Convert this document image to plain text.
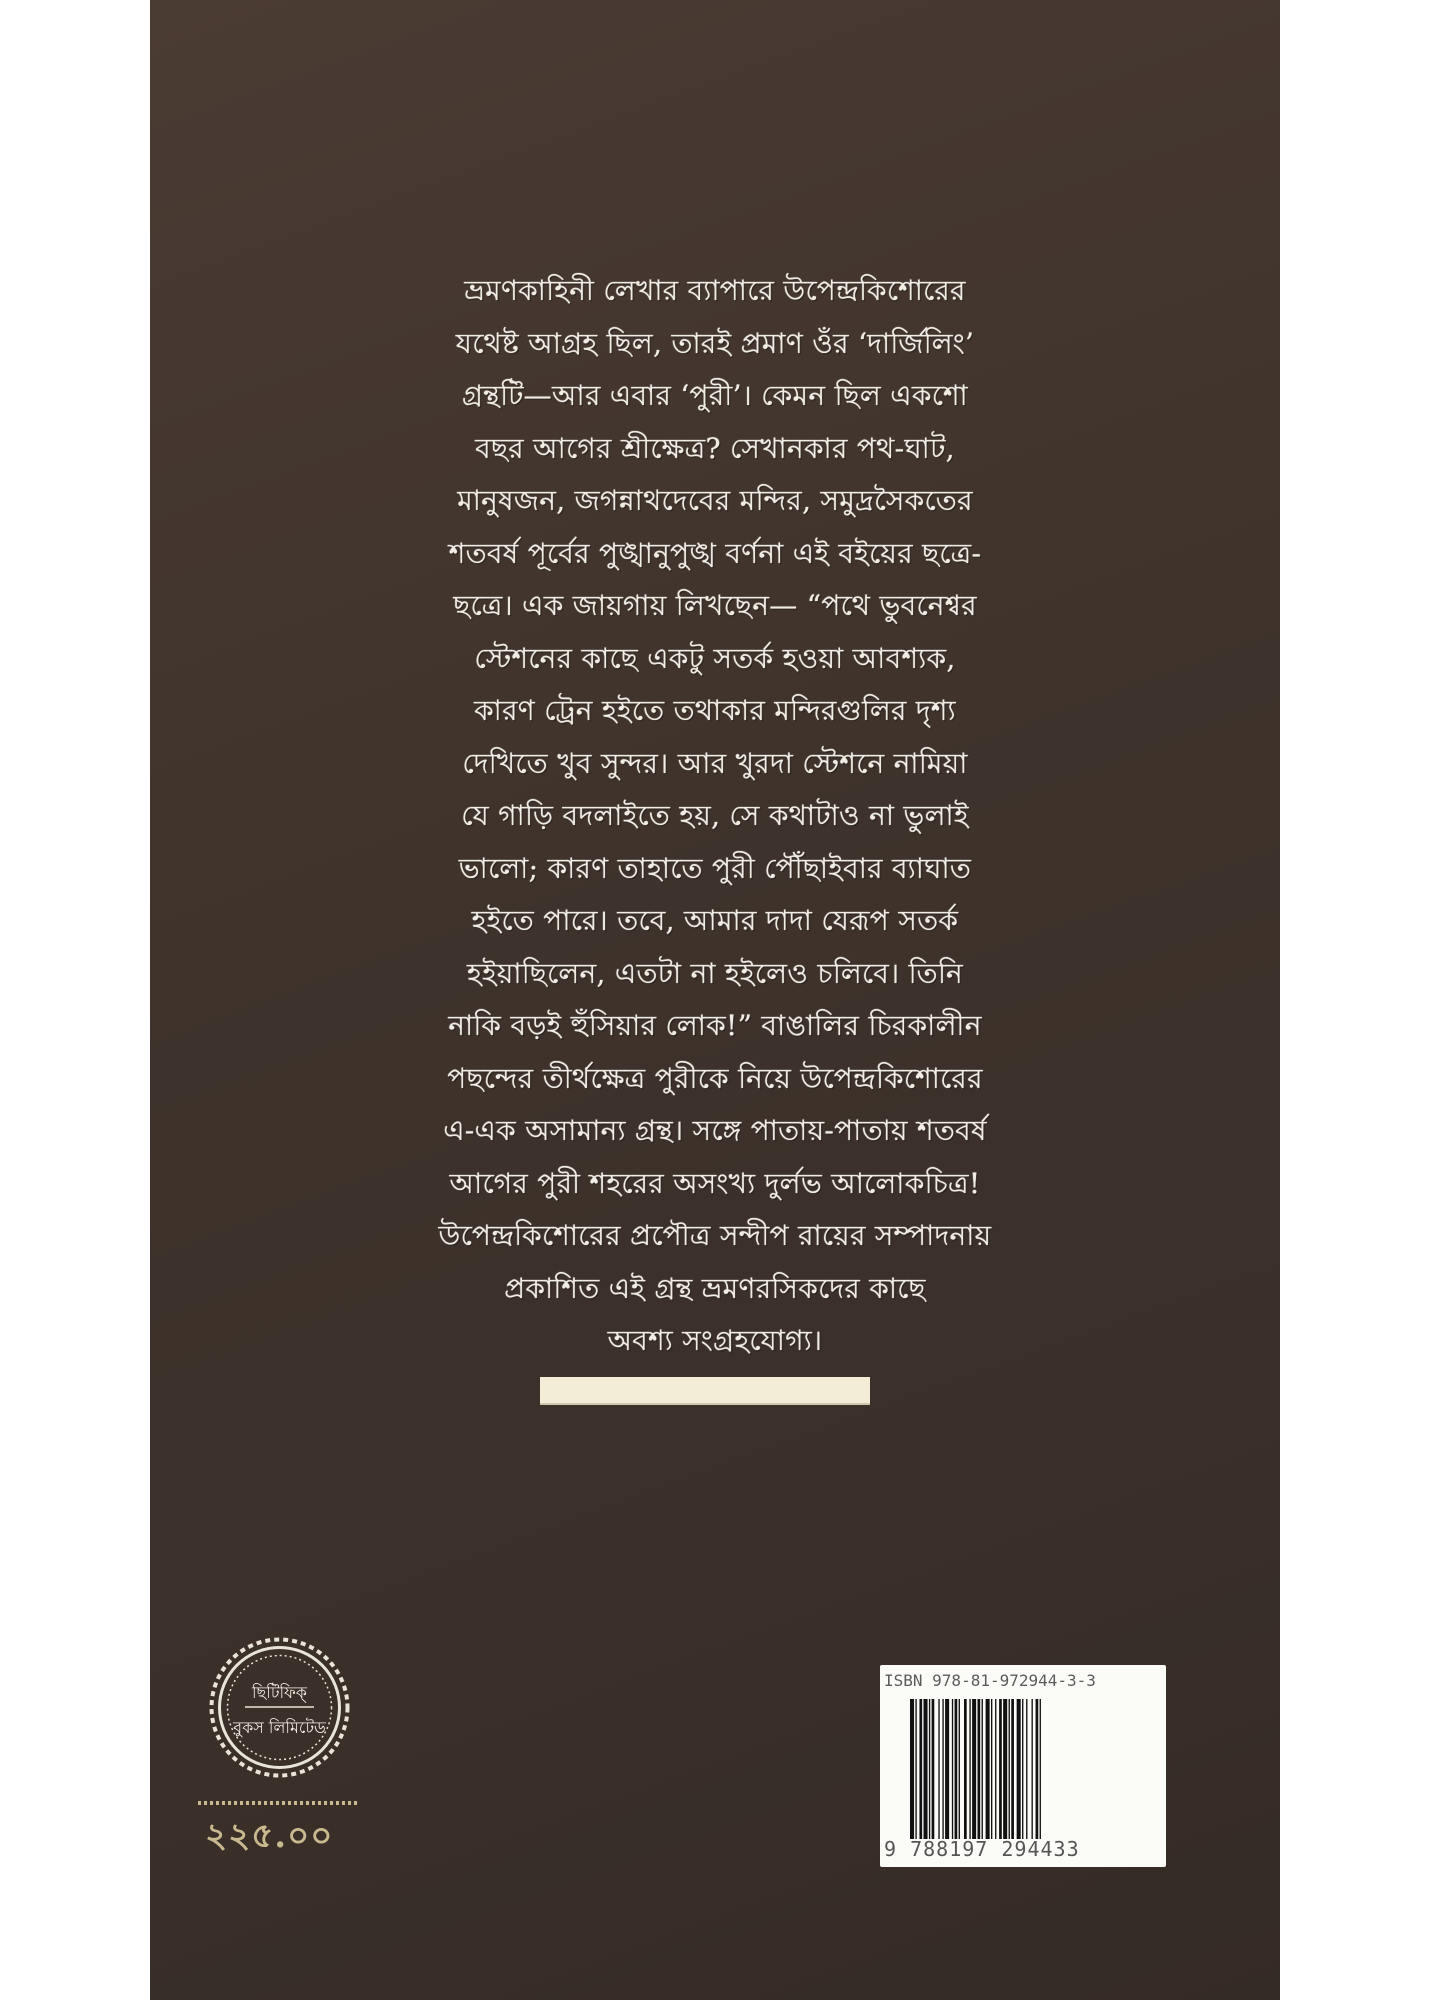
ভ্রমণকাহিনী লেখার ব্যাপারে উপেন্দ্রকিশোরের
যথেষ্ট আগ্রহ ছিল, তারই প্রমাণ ওঁর ‘দার্জিলিং’
গ্রন্থটি—আর এবার ‘পুরী’। কেমন ছিল একশো
বছর আগের শ্রীক্ষেত্র? সেখানকার পথ-ঘাট,
মানুষজন, জগন্নাথদেবের মন্দির, সমুদ্রসৈকতের
শতবর্ষ পূর্বের পুঙ্খানুপুঙ্খ বর্ণনা এই বইয়ের ছত্রে-
ছত্রে। এক জায়গায় লিখছেন— “পথে ভুবনেশ্বর
স্টেশনের কাছে একটু সতর্ক হওয়া আবশ্যক,
কারণ ট্রেন হইতে তথাকার মন্দিরগুলির দৃশ্য
দেখিতে খুব সুন্দর। আর খুরদা স্টেশনে নামিয়া
যে গাড়ি বদলাইতে হয়, সে কথাটাও না ভুলাই
ভালো; কারণ তাহাতে পুরী পৌঁছাইবার ব্যাঘাত
হইতে পারে। তবে, আমার দাদা যেরূপ সতর্ক
হইয়াছিলেন, এতটা না হইলেও চলিবে। তিনি
নাকি বড়ই হুঁসিয়ার লোক!” বাঙালির চিরকালীন
পছন্দের তীর্থক্ষেত্র পুরীকে নিয়ে উপেন্দ্রকিশোরের
এ-এক অসামান্য গ্রন্থ। সঙ্গে পাতায়-পাতায় শতবর্ষ
আগের পুরী শহরের অসংখ্য দুর্লভ আলোকচিত্র!
উপেন্দ্রকিশোরের প্রপৌত্র সন্দীপ রায়ের সম্পাদনায়
প্রকাশিত এই গ্রন্থ ভ্রমণরসিকদের কাছে
অবশ্য সংগ্রহযোগ্য।
ছিটিফিক্
বুকস লিমিটেড
২২৫.০০
ISBN 978-81-972944-3-3
9 788197 294433
